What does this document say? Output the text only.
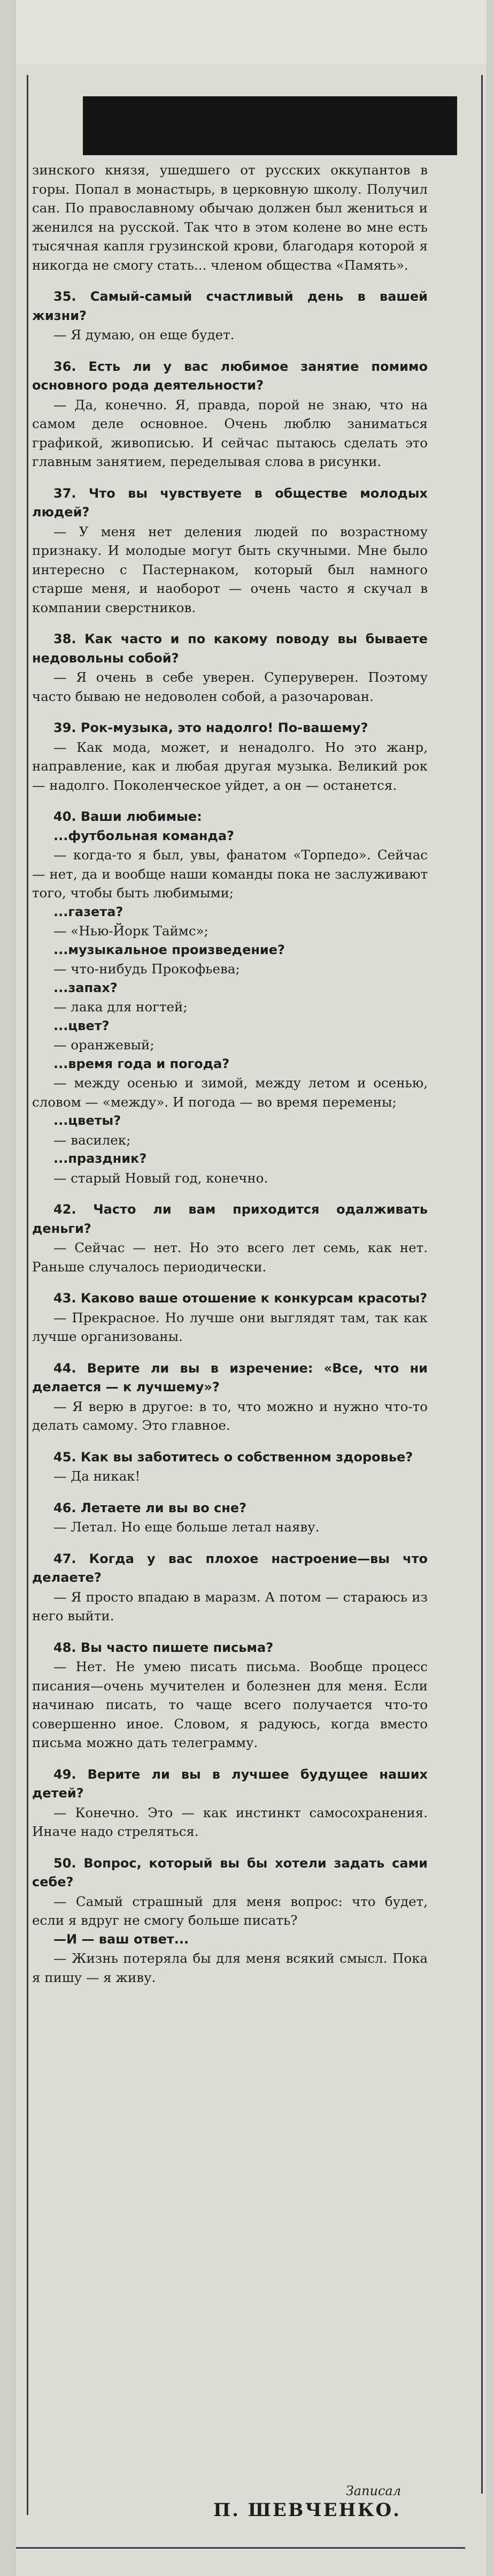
зинского князя, ушедшего от русских оккупантов в горы. Попал в монастырь, в церковную школу. Получил сан. По православному обычаю должен был жениться и женился на русской. Так что в этом колене во мне есть тысячная капля грузинской крови, благодаря которой я никогда не смогу стать... членом общества «Память».

35. Самый-самый счастливый день в вашей жизни?

— Я думаю, он еще будет.

36. Есть ли у вас любимое занятие помимо основного рода деятельности?

— Да, конечно. Я, правда, порой не знаю, что на самом деле основное. Очень люблю заниматься графикой, живописью. И сейчас пытаюсь сделать это главным занятием, переделывая слова в рисунки.

37. Что вы чувствуете в обществе молодых людей?

— У меня нет деления людей по возрастному признаку. И молодые могут быть скучными. Мне было интересно с Пастернаком, который был намного старше меня, и наоборот — очень часто я скучал в компании сверстников.

38. Как часто и по какому поводу вы бываете недовольны собой?

— Я очень в себе уверен. Суперуверен. Поэтому часто бываю не недоволен собой, а разочарован.

39. Рок-музыка, это надолго! По-вашему?

— Как мода, может, и ненадолго. Но это жанр, направление, как и любая другая музыка. Великий рок — надолго. Поколенческое уйдет, а он — останется.

40. Ваши любимые:

...футбольная команда?

— когда-то я был, увы, фанатом «Торпедо». Сейчас — нет, да и вообще наши команды пока не заслуживают того, чтобы быть любимыми;

...газета?

— «Нью-Йорк Таймс»;

...музыкальное произведение?

— что-нибудь Прокофьева;

...запах?

— лака для ногтей;

...цвет?

— оранжевый;

...время года и погода?

— между осенью и зимой, между летом и осенью, словом — «между». И погода — во время перемены;

...цветы?

— василек;

...праздник?

— старый Новый год, конечно.

42. Часто ли вам приходится одалживать деньги?

— Сейчас — нет. Но это всего лет семь, как нет. Раньше случалось периодически.

43. Каково ваше отошение к конкурсам красоты?

— Прекрасное. Но лучше они выглядят там, так как лучше организованы.

44. Верите ли вы в изречение: «Все, что ни делается — к лучшему»?

— Я верю в другое: в то, что можно и нужно что-то делать самому. Это главное.

45. Как вы заботитесь о собственном здоровье?

— Да никак!

46. Летаете ли вы во сне?

— Летал. Но еще больше летал наяву.

47. Когда у вас плохое настроение—вы что делаете?

— Я просто впадаю в маразм. А потом — стараюсь из него выйти.

48. Вы часто пишете письма?

— Нет. Не умею писать письма. Вообще процесс писания—очень мучителен и болезнен для меня. Если начинаю писать, то чаще всего получается что-то совершенно иное. Словом, я радуюсь, когда вместо письма можно дать телеграмму.

49. Верите ли вы в лучшее будущее наших детей?

— Конечно. Это — как инстинкт самосохранения. Иначе надо стреляться.

50. Вопрос, который вы бы хотели задать сами себе?

— Самый страшный для меня вопрос: что будет, если я вдруг не смогу больше писать?

—И — ваш ответ...

— Жизнь потеряла бы для меня всякий смысл. Пока я пишу — я живу.

Записал
П. ШЕВЧЕНКО.
